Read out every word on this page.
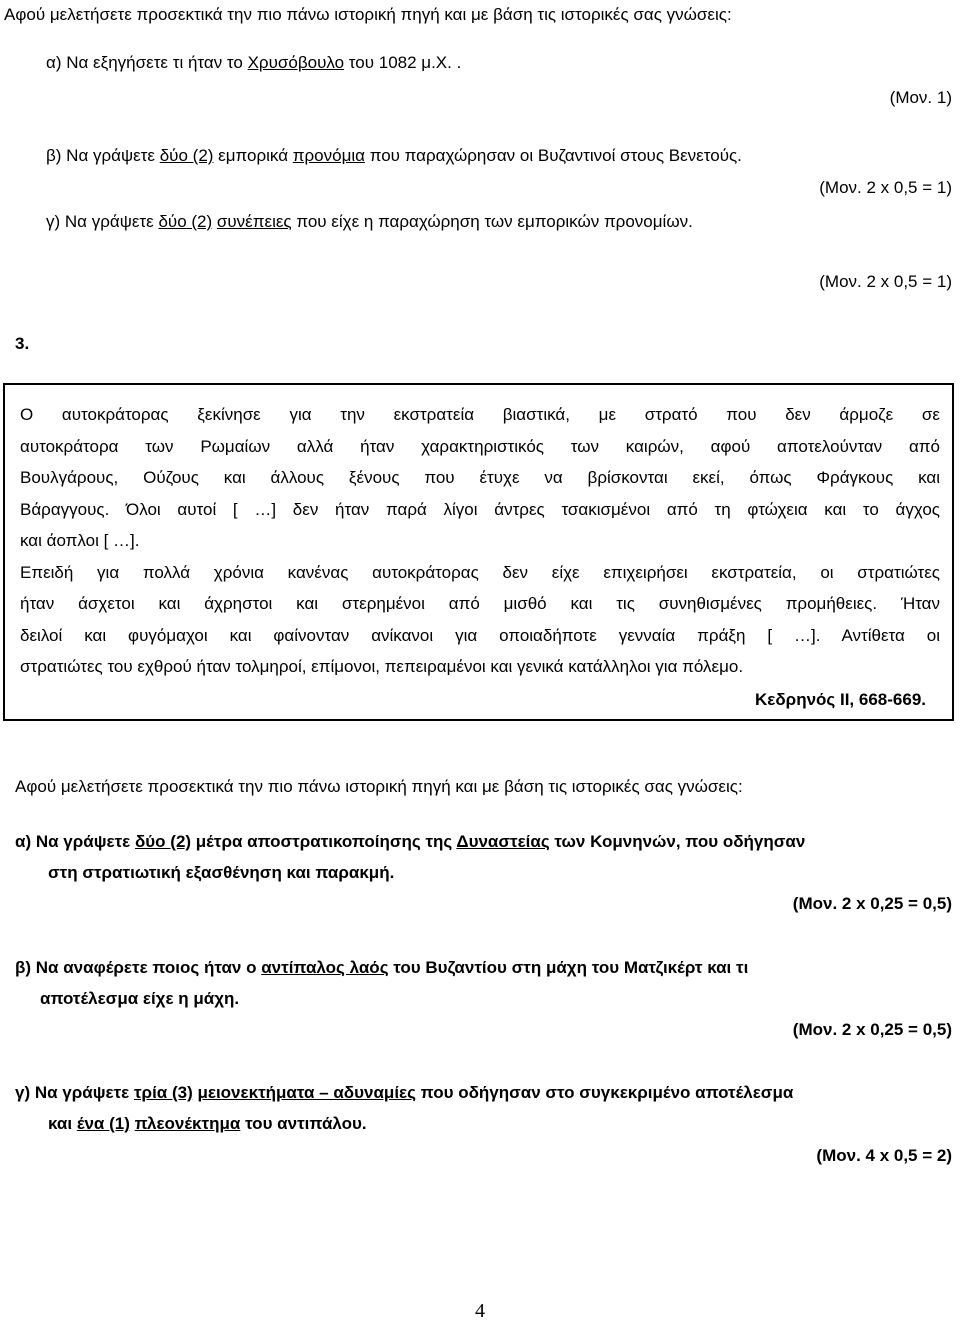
Αφού μελετήσετε προσεκτικά την πιο πάνω ιστορική πηγή και με βάση τις ιστορικές σας γνώσεις:
α) Να εξηγήσετε τι ήταν το Χρυσόβουλο του 1082 μ.Χ. .
(Μον. 1)
β) Να γράψετε δύο (2) εμπορικά προνόμια που παραχώρησαν οι Βυζαντινοί στους Βενετούς.
(Μον. 2 x 0,5 = 1)
γ) Να γράψετε δύο (2) συνέπειες που είχε η παραχώρηση των εμπορικών προνομίων.
(Μον. 2 x 0,5 = 1)
3.
Ο αυτοκράτορας ξεκίνησε για την εκστρατεία βιαστικά, με στρατό που δεν άρμοζε σε
αυτοκράτορα των Ρωμαίων αλλά ήταν χαρακτηριστικός των καιρών, αφού αποτελούνταν από
Βουλγάρους, Ούζους και άλλους ξένους που έτυχε να βρίσκονται εκεί, όπως Φράγκους και
Βάραγγους. Όλοι αυτοί [ …] δεν ήταν παρά λίγοι άντρες τσακισμένοι από τη φτώχεια και το άγχος
και άοπλοι [ …].
Επειδή για πολλά χρόνια κανένας αυτοκράτορας δεν είχε επιχειρήσει εκστρατεία, οι στρατιώτες
ήταν άσχετοι και άχρηστοι και στερημένοι από μισθό και τις συνηθισμένες προμήθειες. Ήταν
δειλοί και φυγόμαχοι και φαίνονταν ανίκανοι για οποιαδήποτε γενναία πράξη [ …]. Αντίθετα οι
στρατιώτες του εχθρού ήταν τολμηροί, επίμονοι, πεπειραμένοι και γενικά κατάλληλοι για πόλεμο.
Κεδρηνός ΙΙ, 668-669.
Αφού μελετήσετε προσεκτικά την πιο πάνω ιστορική πηγή και με βάση τις ιστορικές σας γνώσεις:
α) Να γράψετε δύο (2) μέτρα αποστρατικοποίησης της Δυναστείας των Κομνηνών, που οδήγησαν
στη στρατιωτική εξασθένηση και παρακμή.
(Μον. 2 x 0,25 = 0,5)
β) Να αναφέρετε ποιος ήταν ο αντίπαλος λαός του Βυζαντίου στη μάχη του Ματζικέρτ και τι
αποτέλεσμα είχε η μάχη.
(Μον. 2 x 0,25 = 0,5)
γ) Να γράψετε τρία (3) μειονεκτήματα – αδυναμίες που οδήγησαν στο συγκεκριμένο αποτέλεσμα
και ένα (1) πλεονέκτημα του αντιπάλου.
(Μον. 4 x 0,5 = 2)
4
